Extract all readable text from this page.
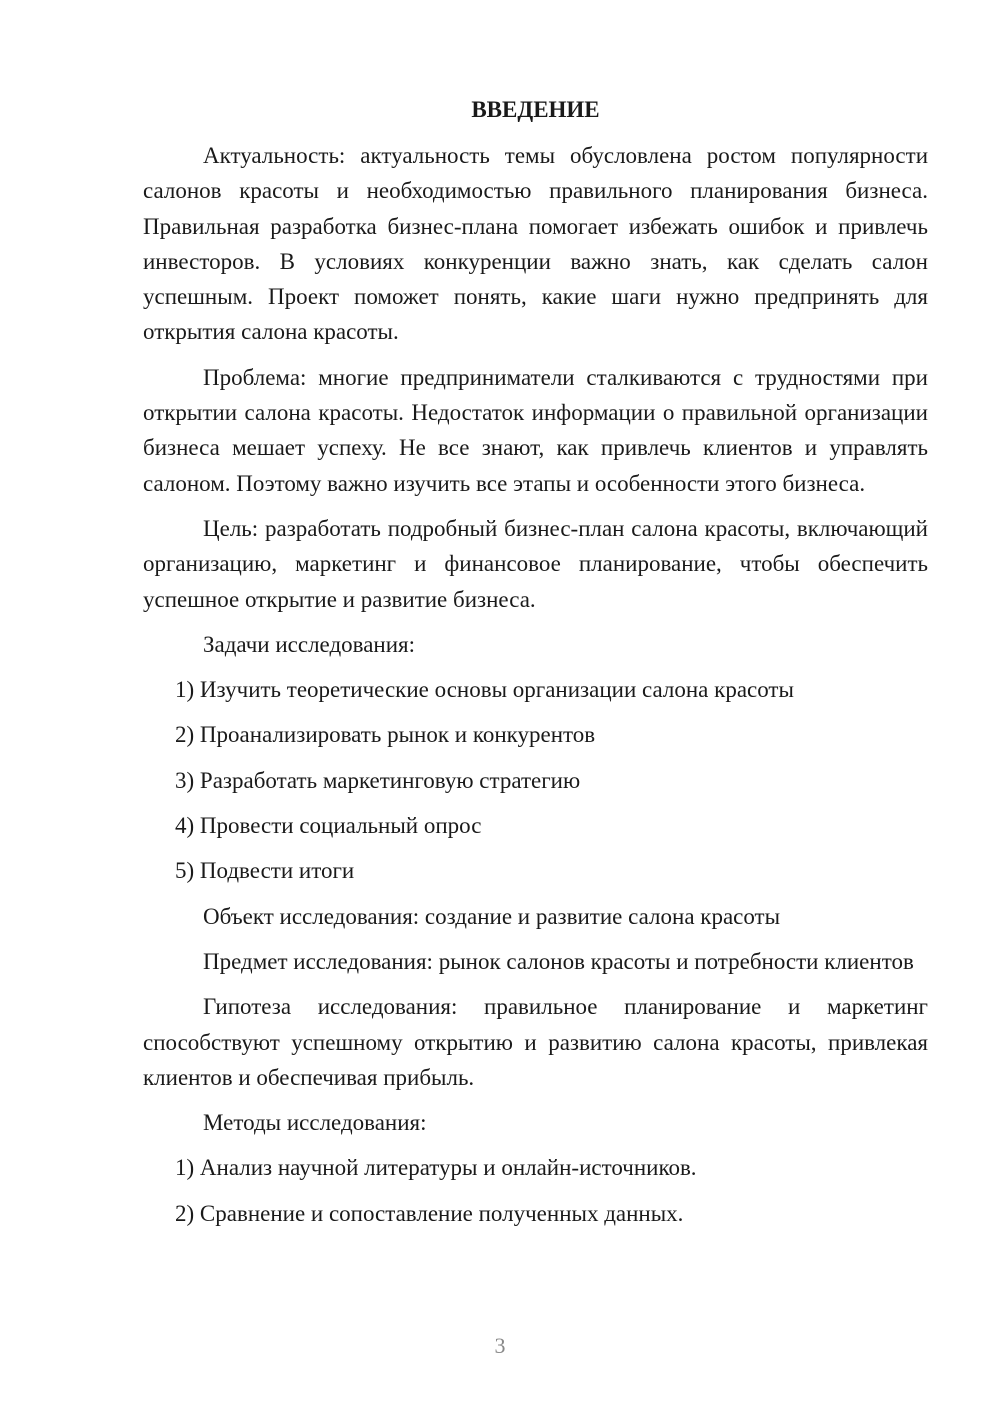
ВВЕДЕНИЕ
Актуальность: актуальность темы обусловлена ростом популярности салонов красоты и необходимостью правильного планирования бизнеса. Правильная разработка бизнес-плана помогает избежать ошибок и привлечь инвесторов. В условиях конкуренции важно знать, как сделать салон успешным. Проект поможет понять, какие шаги нужно предпринять для открытия салона красоты.
Проблема: многие предприниматели сталкиваются с трудностями при открытии салона красоты. Недостаток информации о правильной организации бизнеса мешает успеху. Не все знают, как привлечь клиентов и управлять салоном. Поэтому важно изучить все этапы и особенности этого бизнеса.
Цель: разработать подробный бизнес-план салона красоты, включающий организацию, маркетинг и финансовое планирование, чтобы обеспечить успешное открытие и развитие бизнеса.
Задачи исследования:
1) Изучить теоретические основы организации салона красоты
2) Проанализировать рынок и конкурентов
3) Разработать маркетинговую стратегию
4) Провести социальный опрос
5) Подвести итоги
Объект исследования: создание и развитие салона красоты
Предмет исследования: рынок салонов красоты и потребности клиентов
Гипотеза исследования: правильное планирование и маркетинг способствуют успешному открытию и развитию салона красоты, привлекая клиентов и обеспечивая прибыль.
Методы исследования:
1) Анализ научной литературы и онлайн-источников.
2) Сравнение и сопоставление полученных данных.
3
